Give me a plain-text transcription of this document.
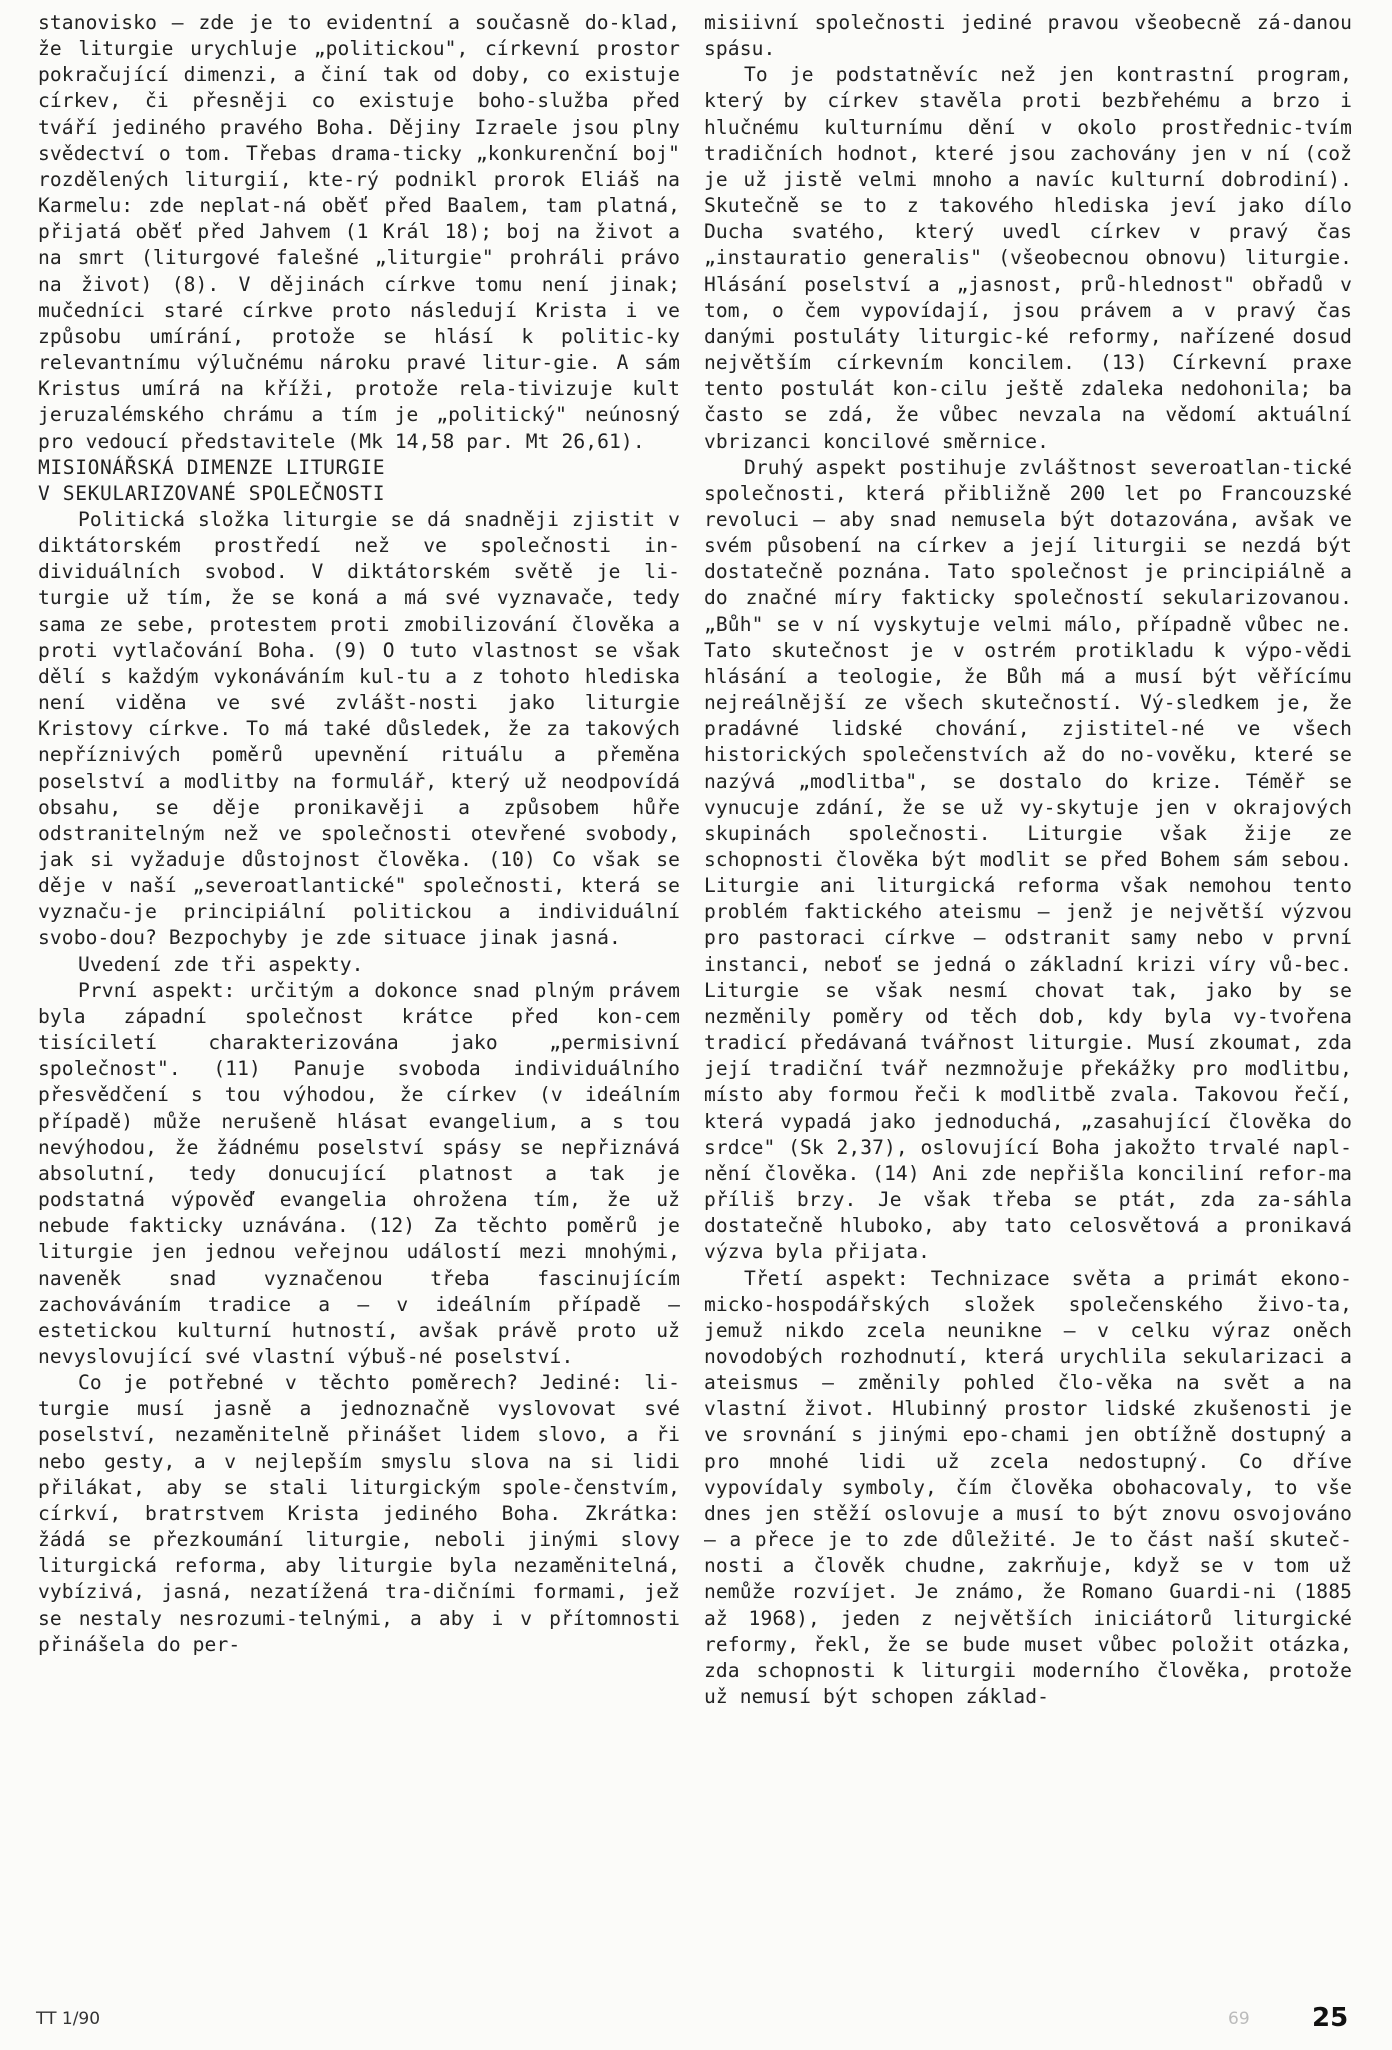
stanovisko — zde je to evidentní a současně do-klad, že liturgie urychluje „politickou", církevní prostor pokračující dimenzi, a činí tak od doby, co existuje církev, či přesněji co existuje boho-služba před tváří jediného pravého Boha. Dějiny Izraele jsou plny svědectví o tom. Třebas drama-ticky „konkurenční boj" rozdělených liturgií, kte-rý podnikl prorok Eliáš na Karmelu: zde neplat-ná oběť před Baalem, tam platná, přijatá oběť před Jahvem (1 Král 18); boj na život a na smrt (liturgové falešné „liturgie" prohráli právo na život) (8). V dějinách církve tomu není jinak; mučedníci staré církve proto následují Krista i ve způsobu umírání, protože se hlásí k politic-ky relevantnímu výlučnému nároku pravé litur-gie. A sám Kristus umírá na kříži, protože rela-tivizuje kult jeruzalémského chrámu a tím je „politický" neúnosný pro vedoucí představitele (Mk 14,58 par. Mt 26,61).

MISIONÁŘSKÁ DIMENZE LITURGIE
V SEKULARIZOVANÉ SPOLEČNOSTI

Politická složka liturgie se dá snadněji zjistit v diktátorském prostředí než ve společnosti in-dividuálních svobod. V diktátorském světě je li-turgie už tím, že se koná a má své vyznavače, tedy sama ze sebe, protestem proti zmobilizování člověka a proti vytlačování Boha. (9) O tuto vlastnost se však dělí s každým vykonáváním kul-tu a z tohoto hlediska není viděna ve své zvlášt-nosti jako liturgie Kristovy církve. To má také důsledek, že za takových nepříznivých poměrů upevnění rituálu a přeměna poselství a modlitby na formulář, který už neodpovídá obsahu, se děje pronikavěji a způsobem hůře odstranitelným než ve společnosti otevřené svobody, jak si vyžaduje důstojnost člověka. (10) Co však se děje v naší „severoatlantické" společnosti, která se vyznaču-je principiální politickou a individuální svobo-dou? Bezpochyby je zde situace jinak jasná.

Uvedení zde tři aspekty.

První aspekt: určitým a dokonce snad plným právem byla západní společnost krátce před kon-cem tisíciletí charakterizována jako „permisivní společnost". (11) Panuje svoboda individuálního přesvědčení s tou výhodou, že církev (v ideálním případě) může nerušeně hlásat evangelium, a s tou nevýhodou, že žádnému poselství spásy se nepřiznává absolutní, tedy donucující platnost a tak je podstatná výpověď evangelia ohrožena tím, že už nebude fakticky uznávána. (12) Za těchto poměrů je liturgie jen jednou veřejnou událostí mezi mnohými, naveněk snad vyznačenou třeba fascinujícím zachováváním tradice a — v ideálním případě — estetickou kulturní hutností, avšak právě proto už nevyslovující své vlastní výbuš-né poselství.

Co je potřebné v těchto poměrech? Jediné: li-turgie musí jasně a jednoznačně vyslovovat své poselství, nezaměnitelně přinášet lidem slovo, a ři nebo gesty, a v nejlepším smyslu slova na si lidi přilákat, aby se stali liturgickým spole-čenstvím, církví, bratrstvem Krista jediného Boha. Zkrátka: žádá se přezkoumání liturgie, neboli jinými slovy liturgická reforma, aby liturgie byla nezaměnitelná, vybízivá, jasná, nezatížená tra-dičními formami, jež se nestaly nesrozumi-telnými, a aby i v přítomnosti přinášela do per-

misiivní společnosti jediné pravou všeobecně zá-danou spásu.

To je podstatněvíc než jen kontrastní program, který by církev stavěla proti bezbřehému a brzo i hlučnému kulturnímu dění v okolo prostřednic-tvím tradičních hodnot, které jsou zachovány jen v ní (což je už jistě velmi mnoho a navíc kulturní dobrodiní). Skutečně se to z takového hlediska jeví jako dílo Ducha svatého, který uvedl církev v pravý čas „instauratio generalis" (všeobecnou obnovu) liturgie. Hlásání poselství a „jasnost, prů-hlednost" obřadů v tom, o čem vypovídají, jsou právem a v pravý čas danými postuláty liturgic-ké reformy, nařízené dosud největším církevním koncilem. (13) Církevní praxe tento postulát kon-cilu ještě zdaleka nedohonila; ba často se zdá, že vůbec nevzala na vědomí aktuální vbrizanci koncilové směrnice.

Druhý aspekt postihuje zvláštnost severoatlan-tické společnosti, která přibližně 200 let po Francouzské revoluci — aby snad nemusela být dotazována, avšak ve svém působení na církev a její liturgii se nezdá být dostatečně poznána. Tato společnost je principiálně a do značné míry fakticky společností sekularizovanou. „Bůh" se v ní vyskytuje velmi málo, případně vůbec ne. Tato skutečnost je v ostrém protikladu k výpo-vědi hlásání a teologie, že Bůh má a musí být věřícímu nejreálnější ze všech skutečností. Vý-sledkem je, že pradávné lidské chování, zjistitel-né ve všech historických společenstvích až do no-vověku, které se nazývá „modlitba", se dostalo do krize. Téměř se vynucuje zdání, že se už vy-skytuje jen v okrajových skupinách společnosti. Liturgie však žije ze schopnosti člověka být modlit se před Bohem sám sebou. Liturgie ani liturgická reforma však nemohou tento problém faktického ateismu — jenž je největší výzvou pro pastoraci církve — odstranit samy nebo v první instanci, neboť se jedná o základní krizi víry vů-bec. Liturgie se však nesmí chovat tak, jako by se nezměnily poměry od těch dob, kdy byla vy-tvořena tradicí předávaná tvářnost liturgie. Musí zkoumat, zda její tradiční tvář nezmnožuje překážky pro modlitbu, místo aby formou řeči k modlitbě zvala. Takovou řečí, která vypadá jako jednoduchá, „zasahující člověka do srdce" (Sk 2,37), oslovující Boha jakožto trvalé napl-nění člověka. (14) Ani zde nepřišla konciliní refor-ma příliš brzy. Je však třeba se ptát, zda za-sáhla dostatečně hluboko, aby tato celosvětová a pronikavá výzva byla přijata.

Třetí aspekt: Technizace světa a primát ekono-micko-hospodářských složek společenského živo-ta, jemuž nikdo zcela neunikne — v celku výraz oněch novodobých rozhodnutí, která urychlila sekularizaci a ateismus — změnily pohled člo-věka na svět a na vlastní život. Hlubinný prostor lidské zkušenosti je ve srovnání s jinými epo-chami jen obtížně dostupný a pro mnohé lidi už zcela nedostupný. Co dříve vypovídaly symboly, čím člověka obohacovaly, to vše dnes jen stěží oslovuje a musí to být znovu osvojováno — a přece je to zde důležité. Je to část naší skuteč-nosti a člověk chudne, zakrňuje, když se v tom už nemůže rozvíjet. Je známo, že Romano Guardi-ni (1885 až 1968), jeden z největších iniciátorů liturgické reformy, řekl, že se bude muset vůbec položit otázka, zda schopnosti k liturgii moderního člověka, protože už nemusí být schopen základ-

TT 1/90	69 25
